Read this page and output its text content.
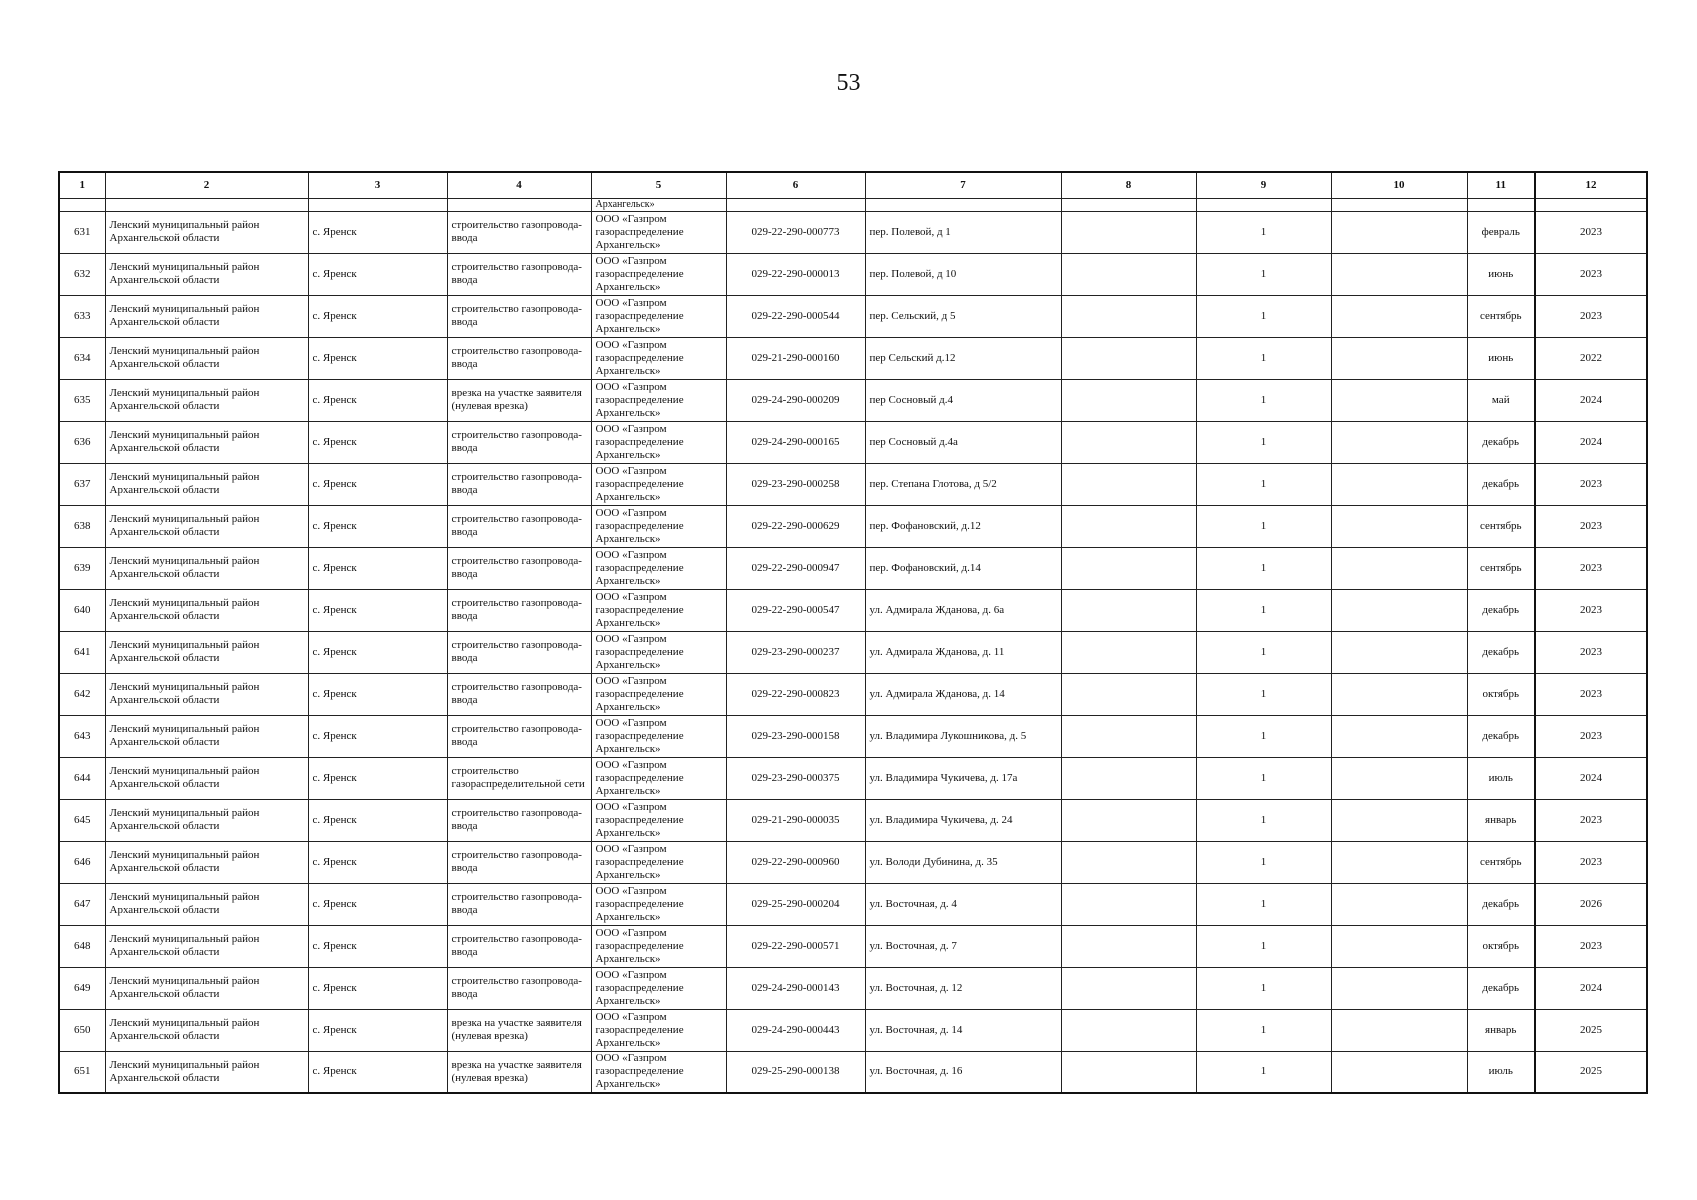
53
1	2	3	4	5	6	7	8	9	10	11	12
				Архангельск»							
631	Ленский муниципальный район Архангельской области	с. Яренск	строительство газопровода-ввода	ООО «Газпром газораспределение Архангельск»	029-22-290-000773	пер. Полевой, д 1		1		февраль	2023
632	Ленский муниципальный район Архангельской области	с. Яренск	строительство газопровода-ввода	ООО «Газпром газораспределение Архангельск»	029-22-290-000013	пер. Полевой, д 10		1		июнь	2023
633	Ленский муниципальный район Архангельской области	с. Яренск	строительство газопровода-ввода	ООО «Газпром газораспределение Архангельск»	029-22-290-000544	пер. Сельский, д 5		1		сентябрь	2023
634	Ленский муниципальный район Архангельской области	с. Яренск	строительство газопровода-ввода	ООО «Газпром газораспределение Архангельск»	029-21-290-000160	пер Сельский д.12		1		июнь	2022
635	Ленский муниципальный район Архангельской области	с. Яренск	врезка на участке заявителя (нулевая врезка)	ООО «Газпром газораспределение Архангельск»	029-24-290-000209	пер Сосновый д.4		1		май	2024
636	Ленский муниципальный район Архангельской области	с. Яренск	строительство газопровода-ввода	ООО «Газпром газораспределение Архангельск»	029-24-290-000165	пер Сосновый д.4а		1		декабрь	2024
637	Ленский муниципальный район Архангельской области	с. Яренск	строительство газопровода-ввода	ООО «Газпром газораспределение Архангельск»	029-23-290-000258	пер. Степана Глотова, д 5/2		1		декабрь	2023
638	Ленский муниципальный район Архангельской области	с. Яренск	строительство газопровода-ввода	ООО «Газпром газораспределение Архангельск»	029-22-290-000629	пер. Фофановский, д.12		1		сентябрь	2023
639	Ленский муниципальный район Архангельской области	с. Яренск	строительство газопровода-ввода	ООО «Газпром газораспределение Архангельск»	029-22-290-000947	пер. Фофановский, д.14		1		сентябрь	2023
640	Ленский муниципальный район Архангельской области	с. Яренск	строительство газопровода-ввода	ООО «Газпром газораспределение Архангельск»	029-22-290-000547	ул. Адмирала Жданова, д. 6а		1		декабрь	2023
641	Ленский муниципальный район Архангельской области	с. Яренск	строительство газопровода-ввода	ООО «Газпром газораспределение Архангельск»	029-23-290-000237	ул. Адмирала Жданова, д. 11		1		декабрь	2023
642	Ленский муниципальный район Архангельской области	с. Яренск	строительство газопровода-ввода	ООО «Газпром газораспределение Архангельск»	029-22-290-000823	ул. Адмирала Жданова, д. 14		1		октябрь	2023
643	Ленский муниципальный район Архангельской области	с. Яренск	строительство газопровода-ввода	ООО «Газпром газораспределение Архангельск»	029-23-290-000158	ул. Владимира Лукошникова, д. 5		1		декабрь	2023
644	Ленский муниципальный район Архангельской области	с. Яренск	строительство газораспределительной сети	ООО «Газпром газораспределение Архангельск»	029-23-290-000375	ул. Владимира Чукичева, д. 17а		1		июль	2024
645	Ленский муниципальный район Архангельской области	с. Яренск	строительство газопровода-ввода	ООО «Газпром газораспределение Архангельск»	029-21-290-000035	ул. Владимира Чукичева, д. 24		1		январь	2023
646	Ленский муниципальный район Архангельской области	с. Яренск	строительство газопровода-ввода	ООО «Газпром газораспределение Архангельск»	029-22-290-000960	ул. Володи Дубинина, д. 35		1		сентябрь	2023
647	Ленский муниципальный район Архангельской области	с. Яренск	строительство газопровода-ввода	ООО «Газпром газораспределение Архангельск»	029-25-290-000204	ул. Восточная, д. 4		1		декабрь	2026
648	Ленский муниципальный район Архангельской области	с. Яренск	строительство газопровода-ввода	ООО «Газпром газораспределение Архангельск»	029-22-290-000571	ул. Восточная, д. 7		1		октябрь	2023
649	Ленский муниципальный район Архангельской области	с. Яренск	строительство газопровода-ввода	ООО «Газпром газораспределение Архангельск»	029-24-290-000143	ул. Восточная, д. 12		1		декабрь	2024
650	Ленский муниципальный район Архангельской области	с. Яренск	врезка на участке заявителя (нулевая врезка)	ООО «Газпром газораспределение Архангельск»	029-24-290-000443	ул. Восточная, д. 14		1		январь	2025
651	Ленский муниципальный район Архангельской области	с. Яренск	врезка на участке заявителя (нулевая врезка)	ООО «Газпром газораспределение Архангельск»	029-25-290-000138	ул. Восточная, д. 16		1		июль	2025
